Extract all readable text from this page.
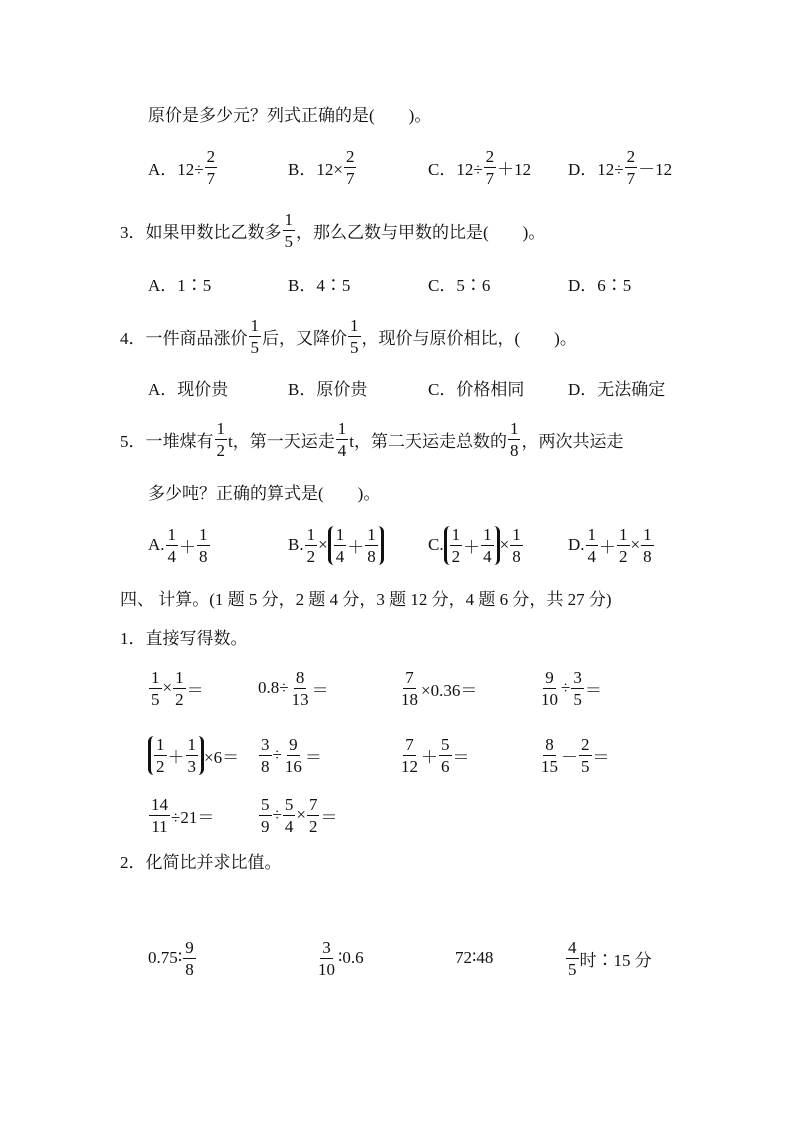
原价是多少元？列式正确的是(　　)。
A．$12\div \frac{2}{7}$	B．$12\times \frac{2}{7}$	C．$12\div \frac{2}{7} +12$ D．$12\div \frac{2}{7} -12$
3．如果甲数比乙数多 $\frac{1}{5}$ ，那么乙数与甲数的比是(　　)。
A．1∶5	B．4∶5	C．5∶6	D．6∶5
4．一件商品涨价 $\frac{1}{5}$ 后，又降价 $\frac{1}{5}$ ，现价与原价相比，(　　)。
A．现价贵	B．原价贵	C．价格相同	D．无法确定
5．一堆煤有 $\frac{1}{2}$ t，第一天运走 $\frac{1}{4}$ t，第二天运走总数的 $\frac{1}{8}$ ，两次共运走
多少吨？正确的算式是(　　)。
A. $\frac{1}{4} + \frac{1}{8}$	B. $\frac{1}{2} \times \frac{1}{4} + \frac{1}{8}$	C. $\frac{1}{2} + \frac{1}{4} \times \frac{1}{8}$	D. $\frac{1}{4} + \frac{1}{2} \times \frac{1}{8}$
四、 计算。(1 题 5 分，2 题 4 分，3 题 12 分，4 题 6 分，共 27 分)
1．直接写得数。
$\frac{1}{5} \times \frac{1}{2}$ ＝	$0.8\div \frac{8}{13}$ ＝	$\frac{7}{18} \times 0.36=$	$\frac{9}{10} \div \frac{3}{5}$ ＝
$\frac{1}{2} + \frac{1}{3} \times 6= \frac{3}{8} \div \frac{9}{16}$ ＝	$\frac{7}{12} + \frac{5}{6}$ ＝	$\frac{8}{15} - \frac{2}{5}$ ＝
$\frac{14}{11} \div 21=$	$\frac{5}{9} \div \frac{5}{4} \times \frac{7}{2}$ ＝
2．化简比并求比值。
0.75∶ $\frac{9}{8}$	$\frac{3}{10}$ ∶0.6	72∶48	$\frac{4}{5}$ 时∶15 分
